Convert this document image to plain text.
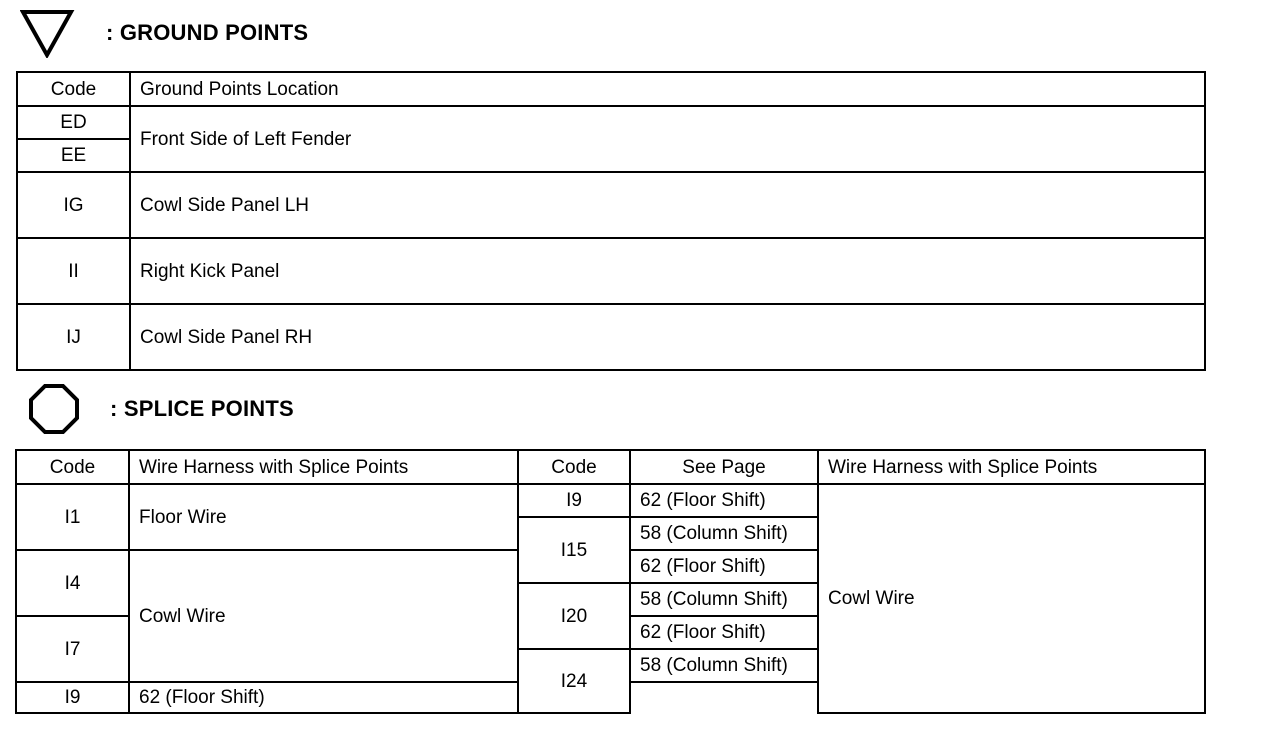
: GROUND POINTS
Code	Ground Points Location
ED	Front Side of Left Fender
EE	
IG	Cowl Side Panel LH
II	Right Kick Panel
IJ	Cowl Side Panel RH
: SPLICE POINTS
Code	Wire Harness with Splice Points	Code	See Page	Wire Harness with Splice Points
I1	Floor Wire	I9	62 (Floor Shift)	Cowl Wire
		I15	58 (Column Shift)	
I4	Cowl Wire		62 (Floor Shift)	
		I20	58 (Column Shift)	
I7			62 (Floor Shift)	
		I24	58 (Column Shift)	
I9	62 (Floor Shift)			
